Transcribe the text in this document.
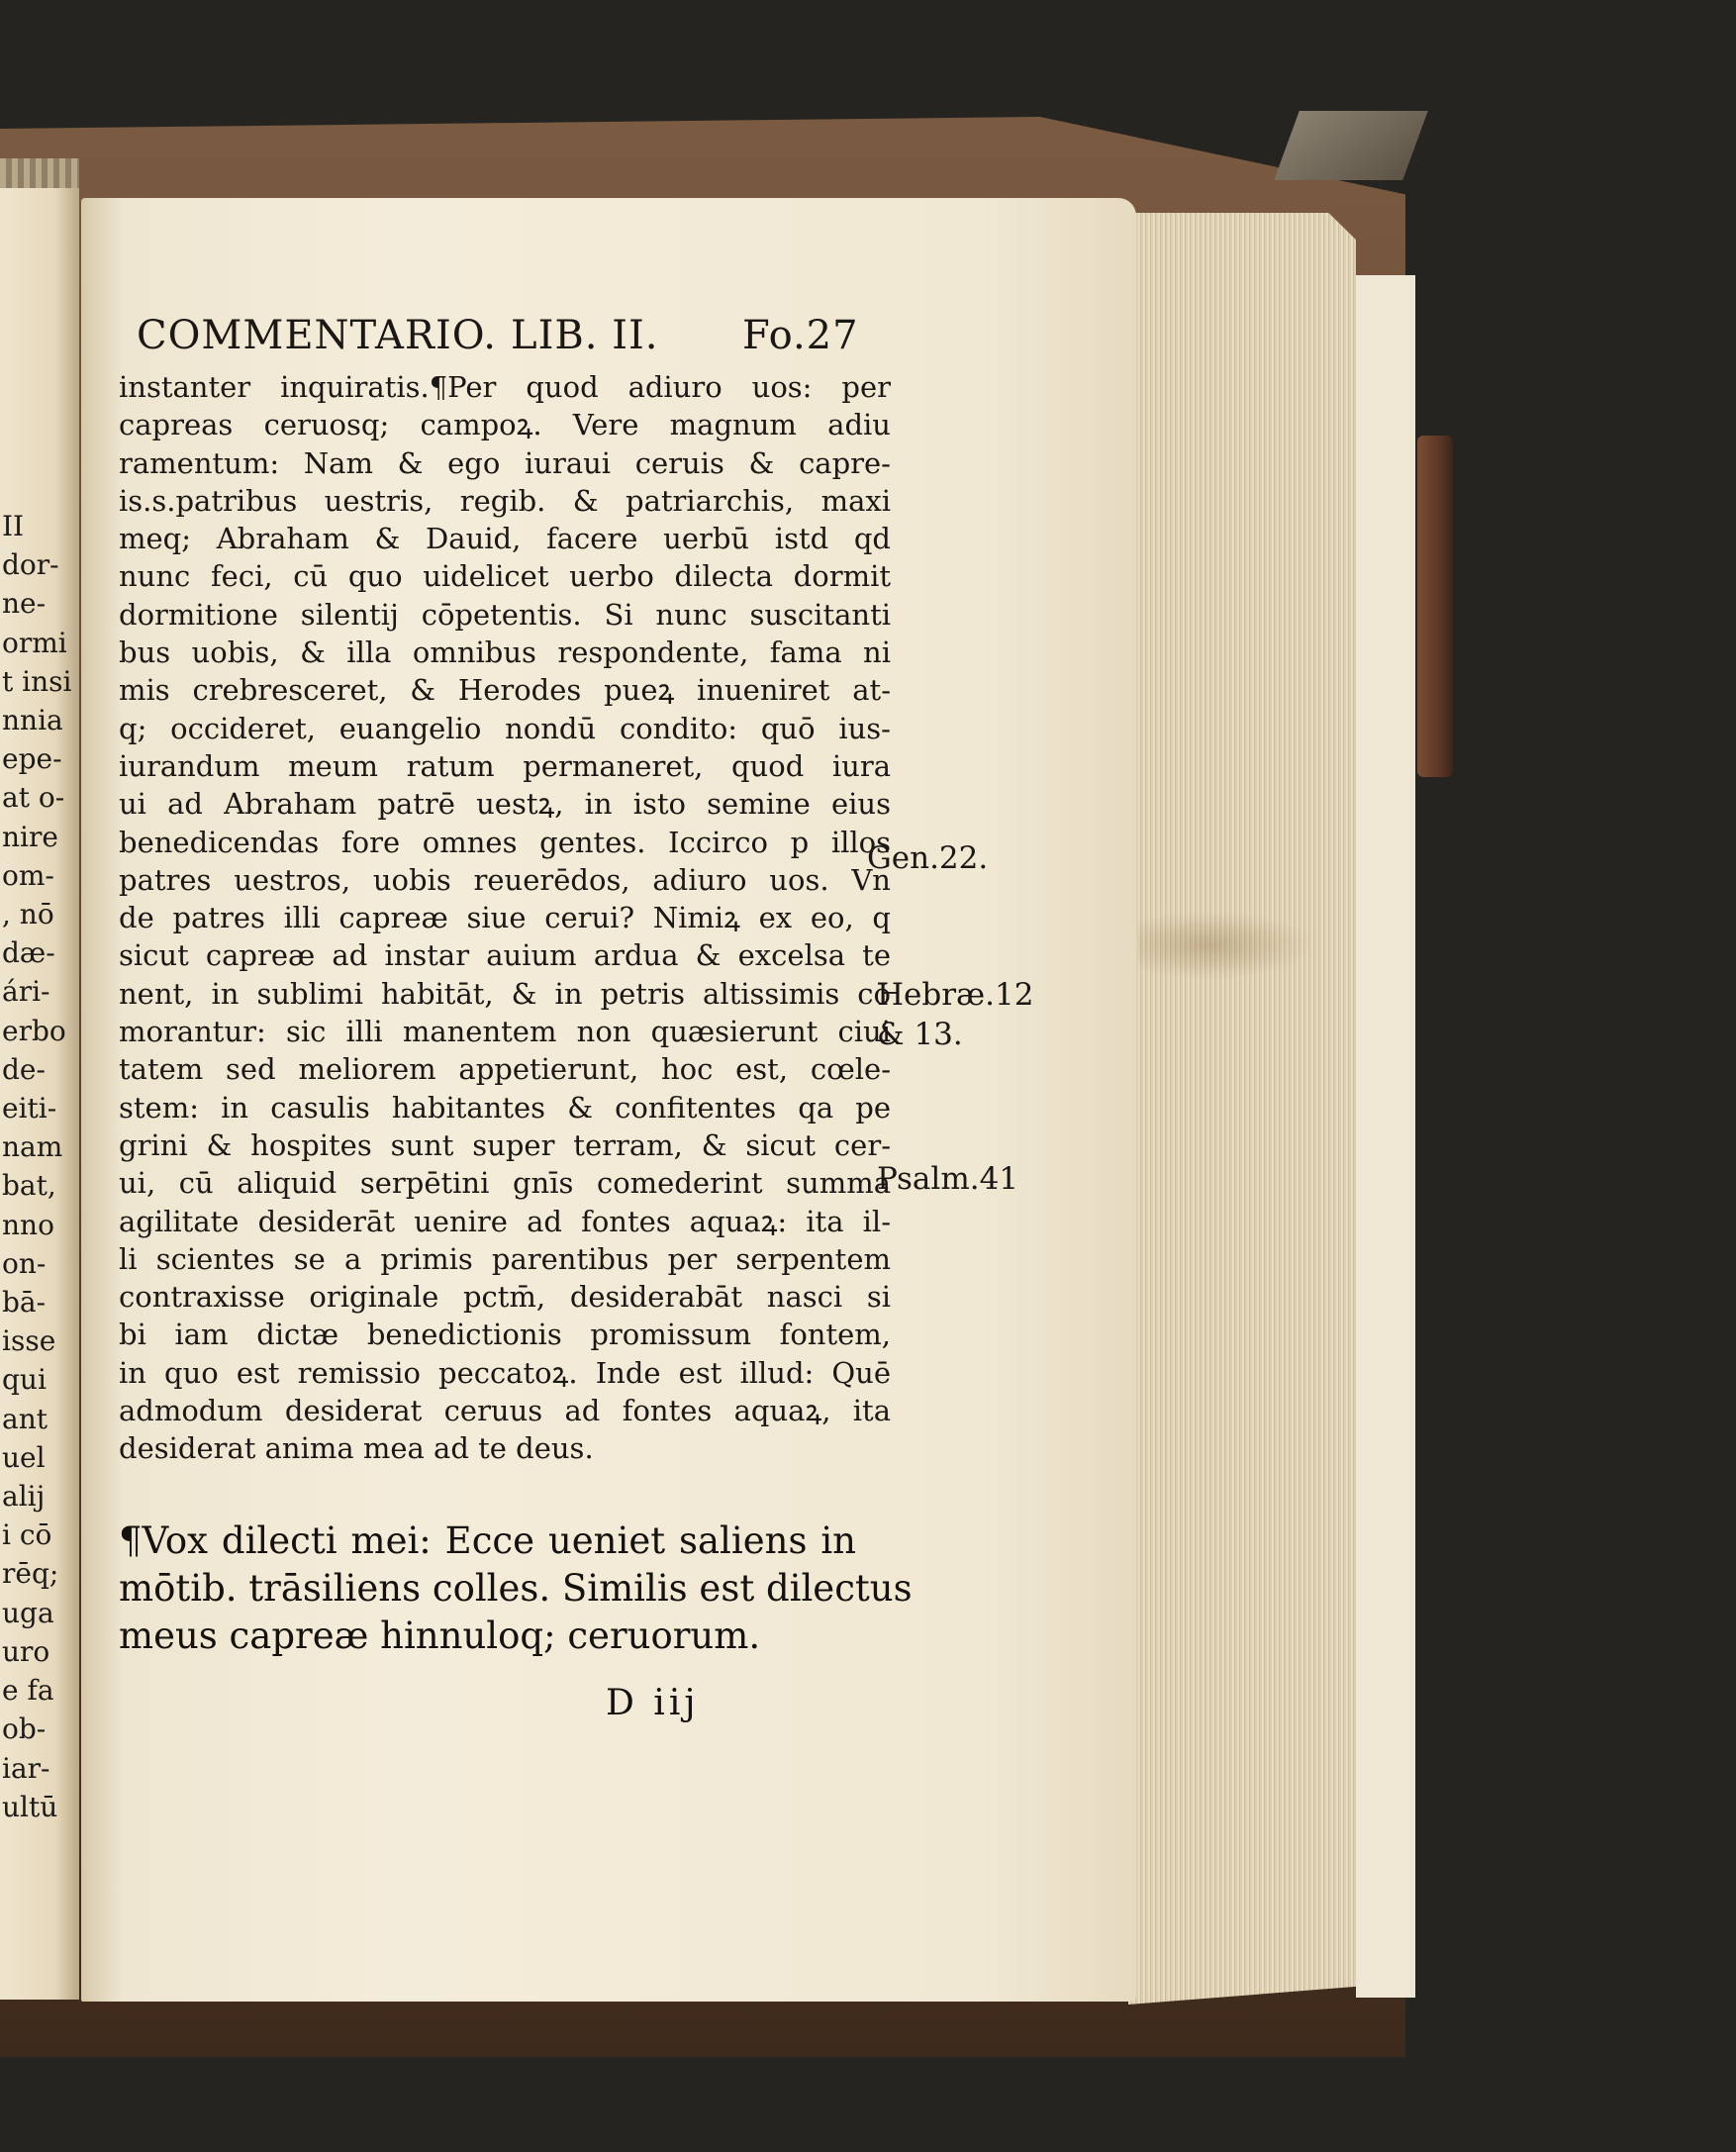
II
dor-
ne-
ormi
t insi
nnia
epe-
at o-
nire
om-
, nō
dæ-
ári-
erbo
de-
eiti-
nam
bat,
nno
on-
bā-
isse
qui
ant
uel
alij
i cō
rēq;
uga
uro
e fa
ob-
iar-
ultū
COMMENTARIO. LIB. II. Fo.27
instanter inquiratis.¶Per quod adiuro uos: per
capreas ceruosq; campoꝝ. Vere magnum adiu
ramentum: Nam & ego iuraui ceruis & capre-
is.s.patribus uestris, regib. & patriarchis, maxi
meq; Abraham & Dauid, facere uerbū istd qd
nunc feci, cū quo uidelicet uerbo dilecta dormit
dormitione silentij cōpetentis. Si nunc suscitanti
bus uobis, & illa omnibus respondente, fama ni
mis crebresceret, & Herodes pueꝝ inueniret at-
q; occideret, euangelio nondū condito: quō ius-
iurandum meum ratum permaneret, quod iura
ui ad Abraham patrē uestꝝ, in isto semine eius
benedicendas fore omnes gentes. Iccirco p illos
patres uestros, uobis reuerēdos, adiuro uos. Vn
de patres illi capreæ siue cerui? Nimiꝝ ex eo, q
sicut capreæ ad instar auium ardua & excelsa te
nent, in sublimi habitāt, & in petris altissimis cō
morantur: sic illi manentem non quæsierunt ciui
tatem sed meliorem appetierunt, hoc est, cœle-
stem: in casulis habitantes & confitentes qa pe
grini & hospites sunt super terram, & sicut cer-
ui, cū aliquid serpētini gnīs comederint summa
agilitate desiderāt uenire ad fontes aquaꝝ: ita il-
li scientes se a primis parentibus per serpentem
contraxisse originale pctm̄, desiderabāt nasci si
bi iam dictæ benedictionis promissum fontem,
in quo est remissio peccatoꝝ. Inde est illud: Quē
admodum desiderat ceruus ad fontes aquaꝝ, ita
desiderat anima mea ad te deus.
¶Vox dilecti mei: Ecce ueniet saliens in
mōtib. trāsiliens colles. Similis est dilectus
meus capreæ hinnuloq; ceruorum.
Gen.22.
Hebræ.12
& 13.
Psalm.41
D iij
